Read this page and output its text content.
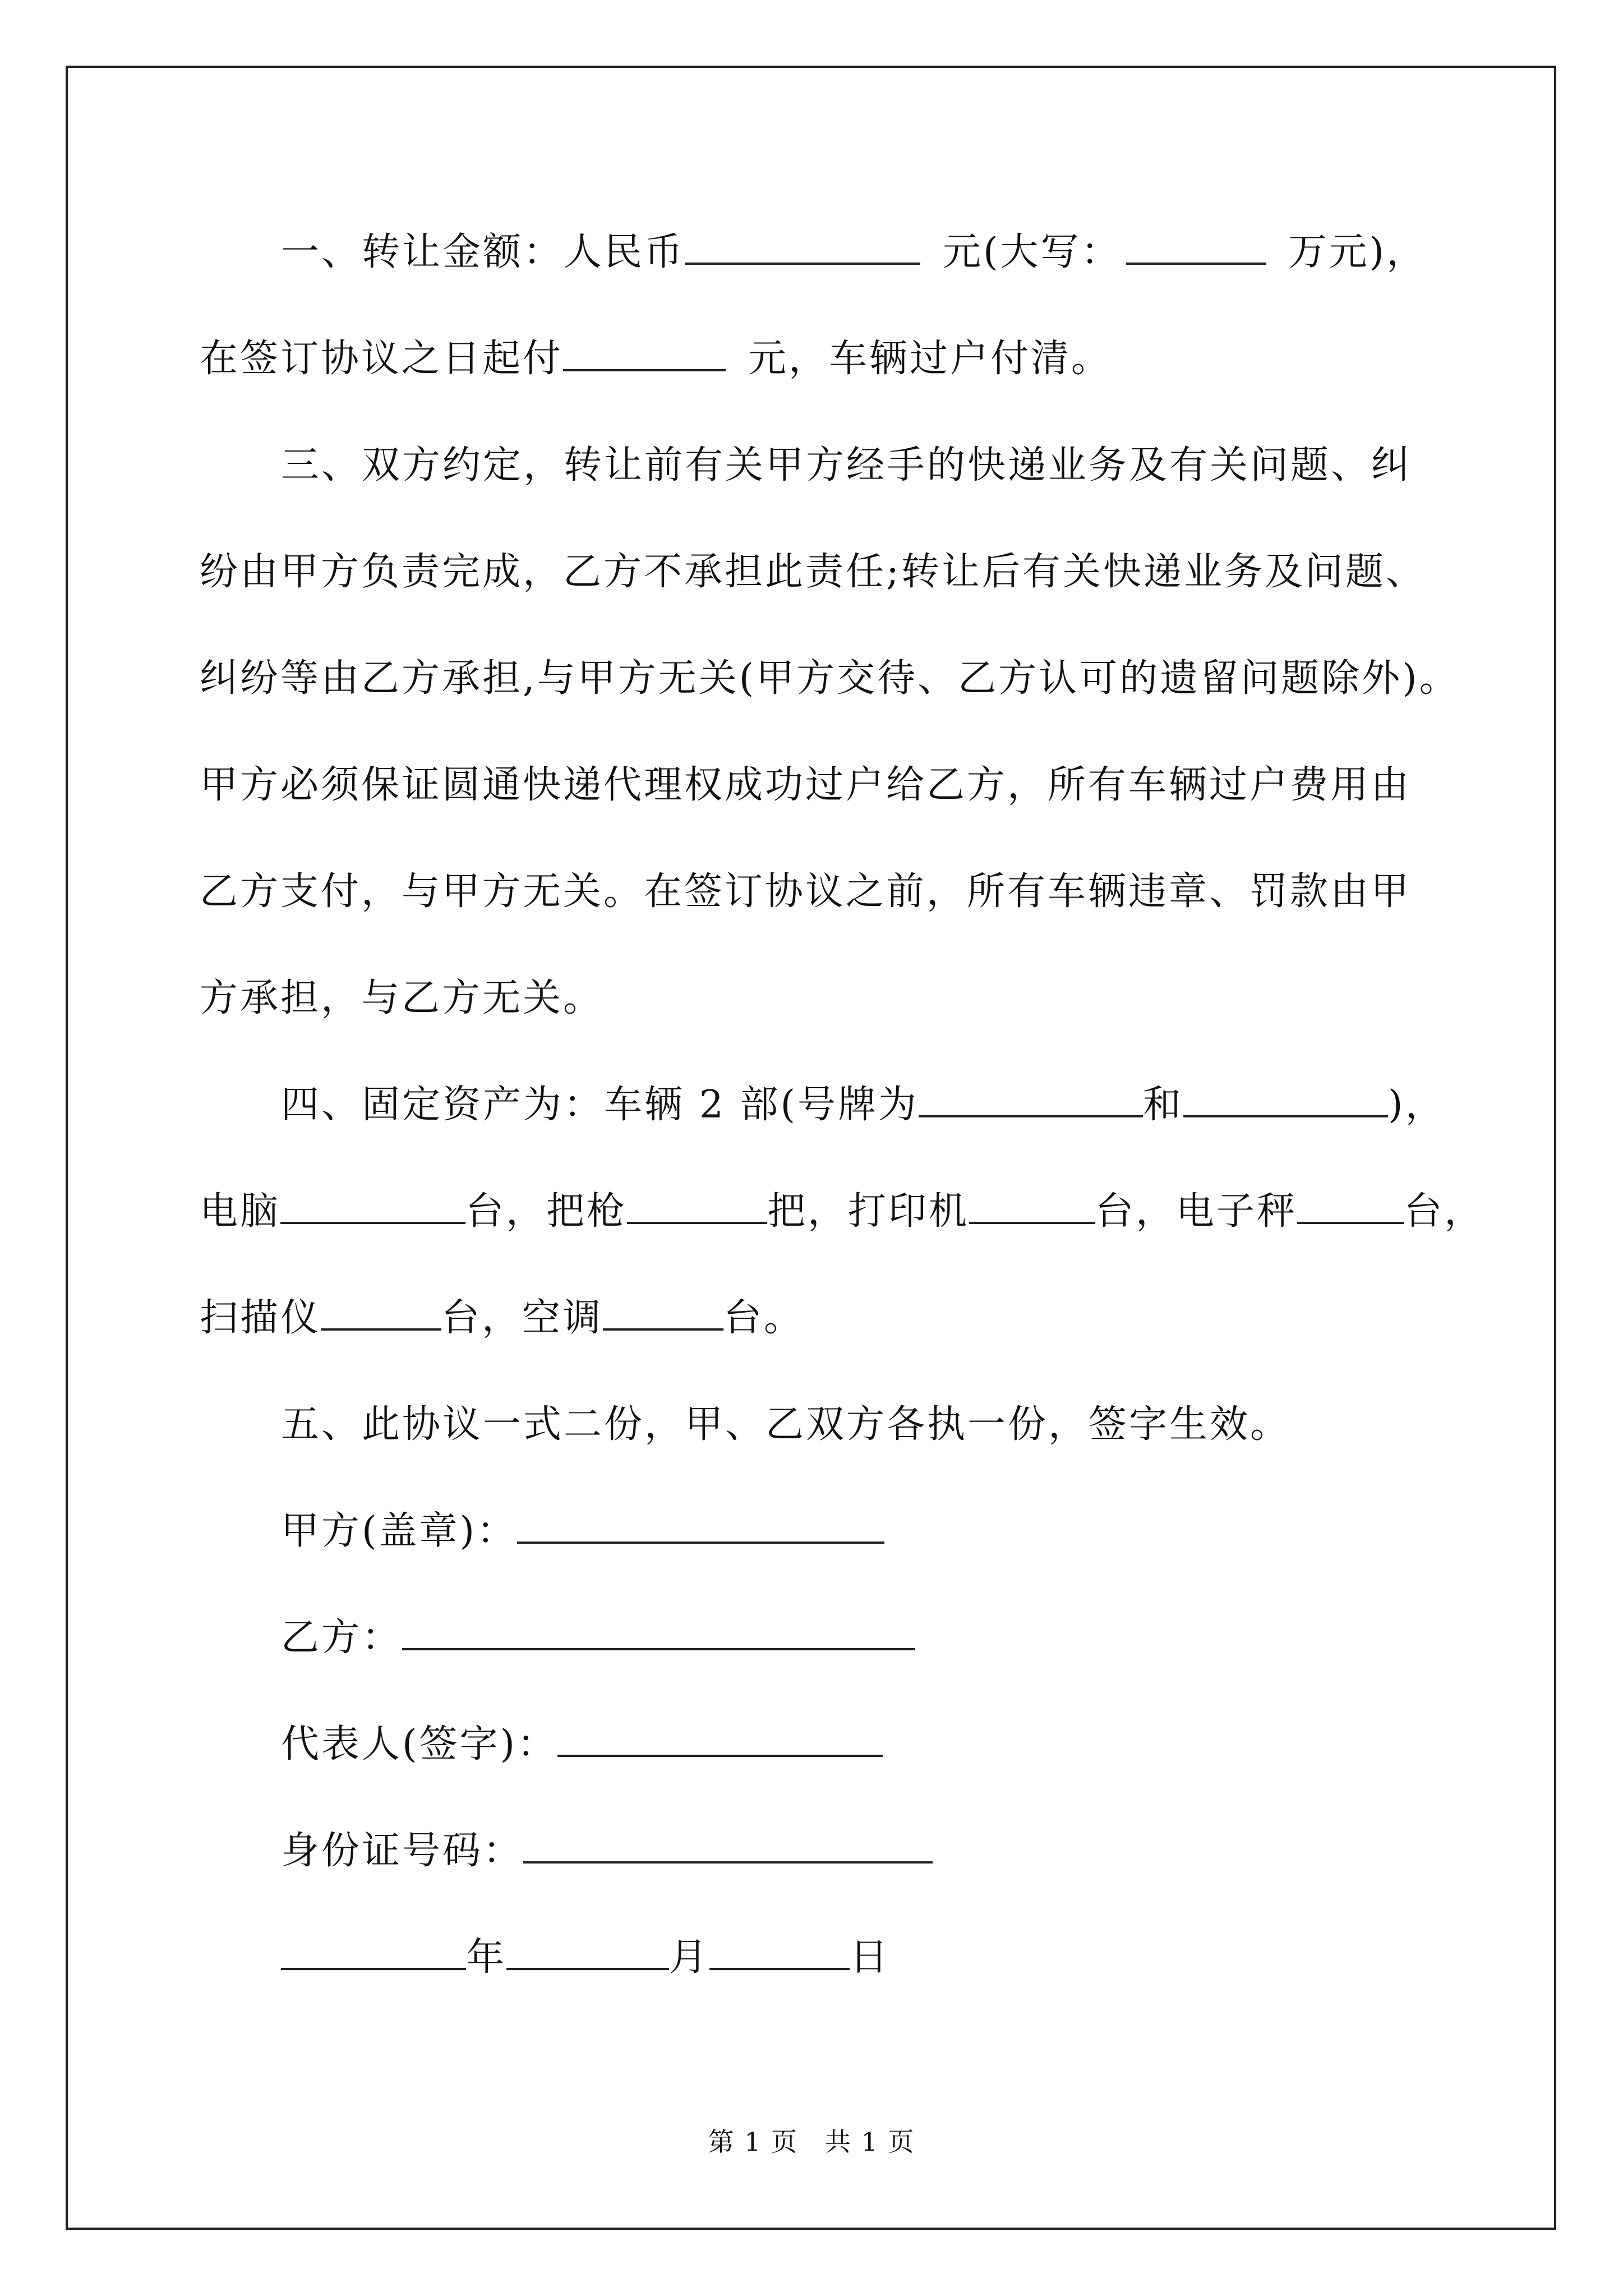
一、转让金额：人民币	元(大写：	万元)，
在签订协议之日起付	元，车辆过户付清。
三、双方约定，转让前有关甲方经手的快递业务及有关问题、纠
纷由甲方负责完成，乙方不承担此责任;转让后有关快递业务及问题、
纠纷等由乙方承担,与甲方无关(甲方交待、乙方认可的遗留问题除外)。
甲方必须保证圆通快递代理权成功过户给乙方，所有车辆过户费用由
乙方支付，与甲方无关。在签订协议之前，所有车辆违章、罚款由甲
方承担，与乙方无关。
四、固定资产为：车辆 2 部(号牌为	和	)，
电脑	台，把枪	把，打印机	台，电子秤	台，
扫描仪	台，空调	台。
五、此协议一式二份，甲、乙双方各执一份，签字生效。
甲方(盖章)：
乙方：
代表人(签字)：
身份证号码：
年	月	日
第 1 页 共 1 页
